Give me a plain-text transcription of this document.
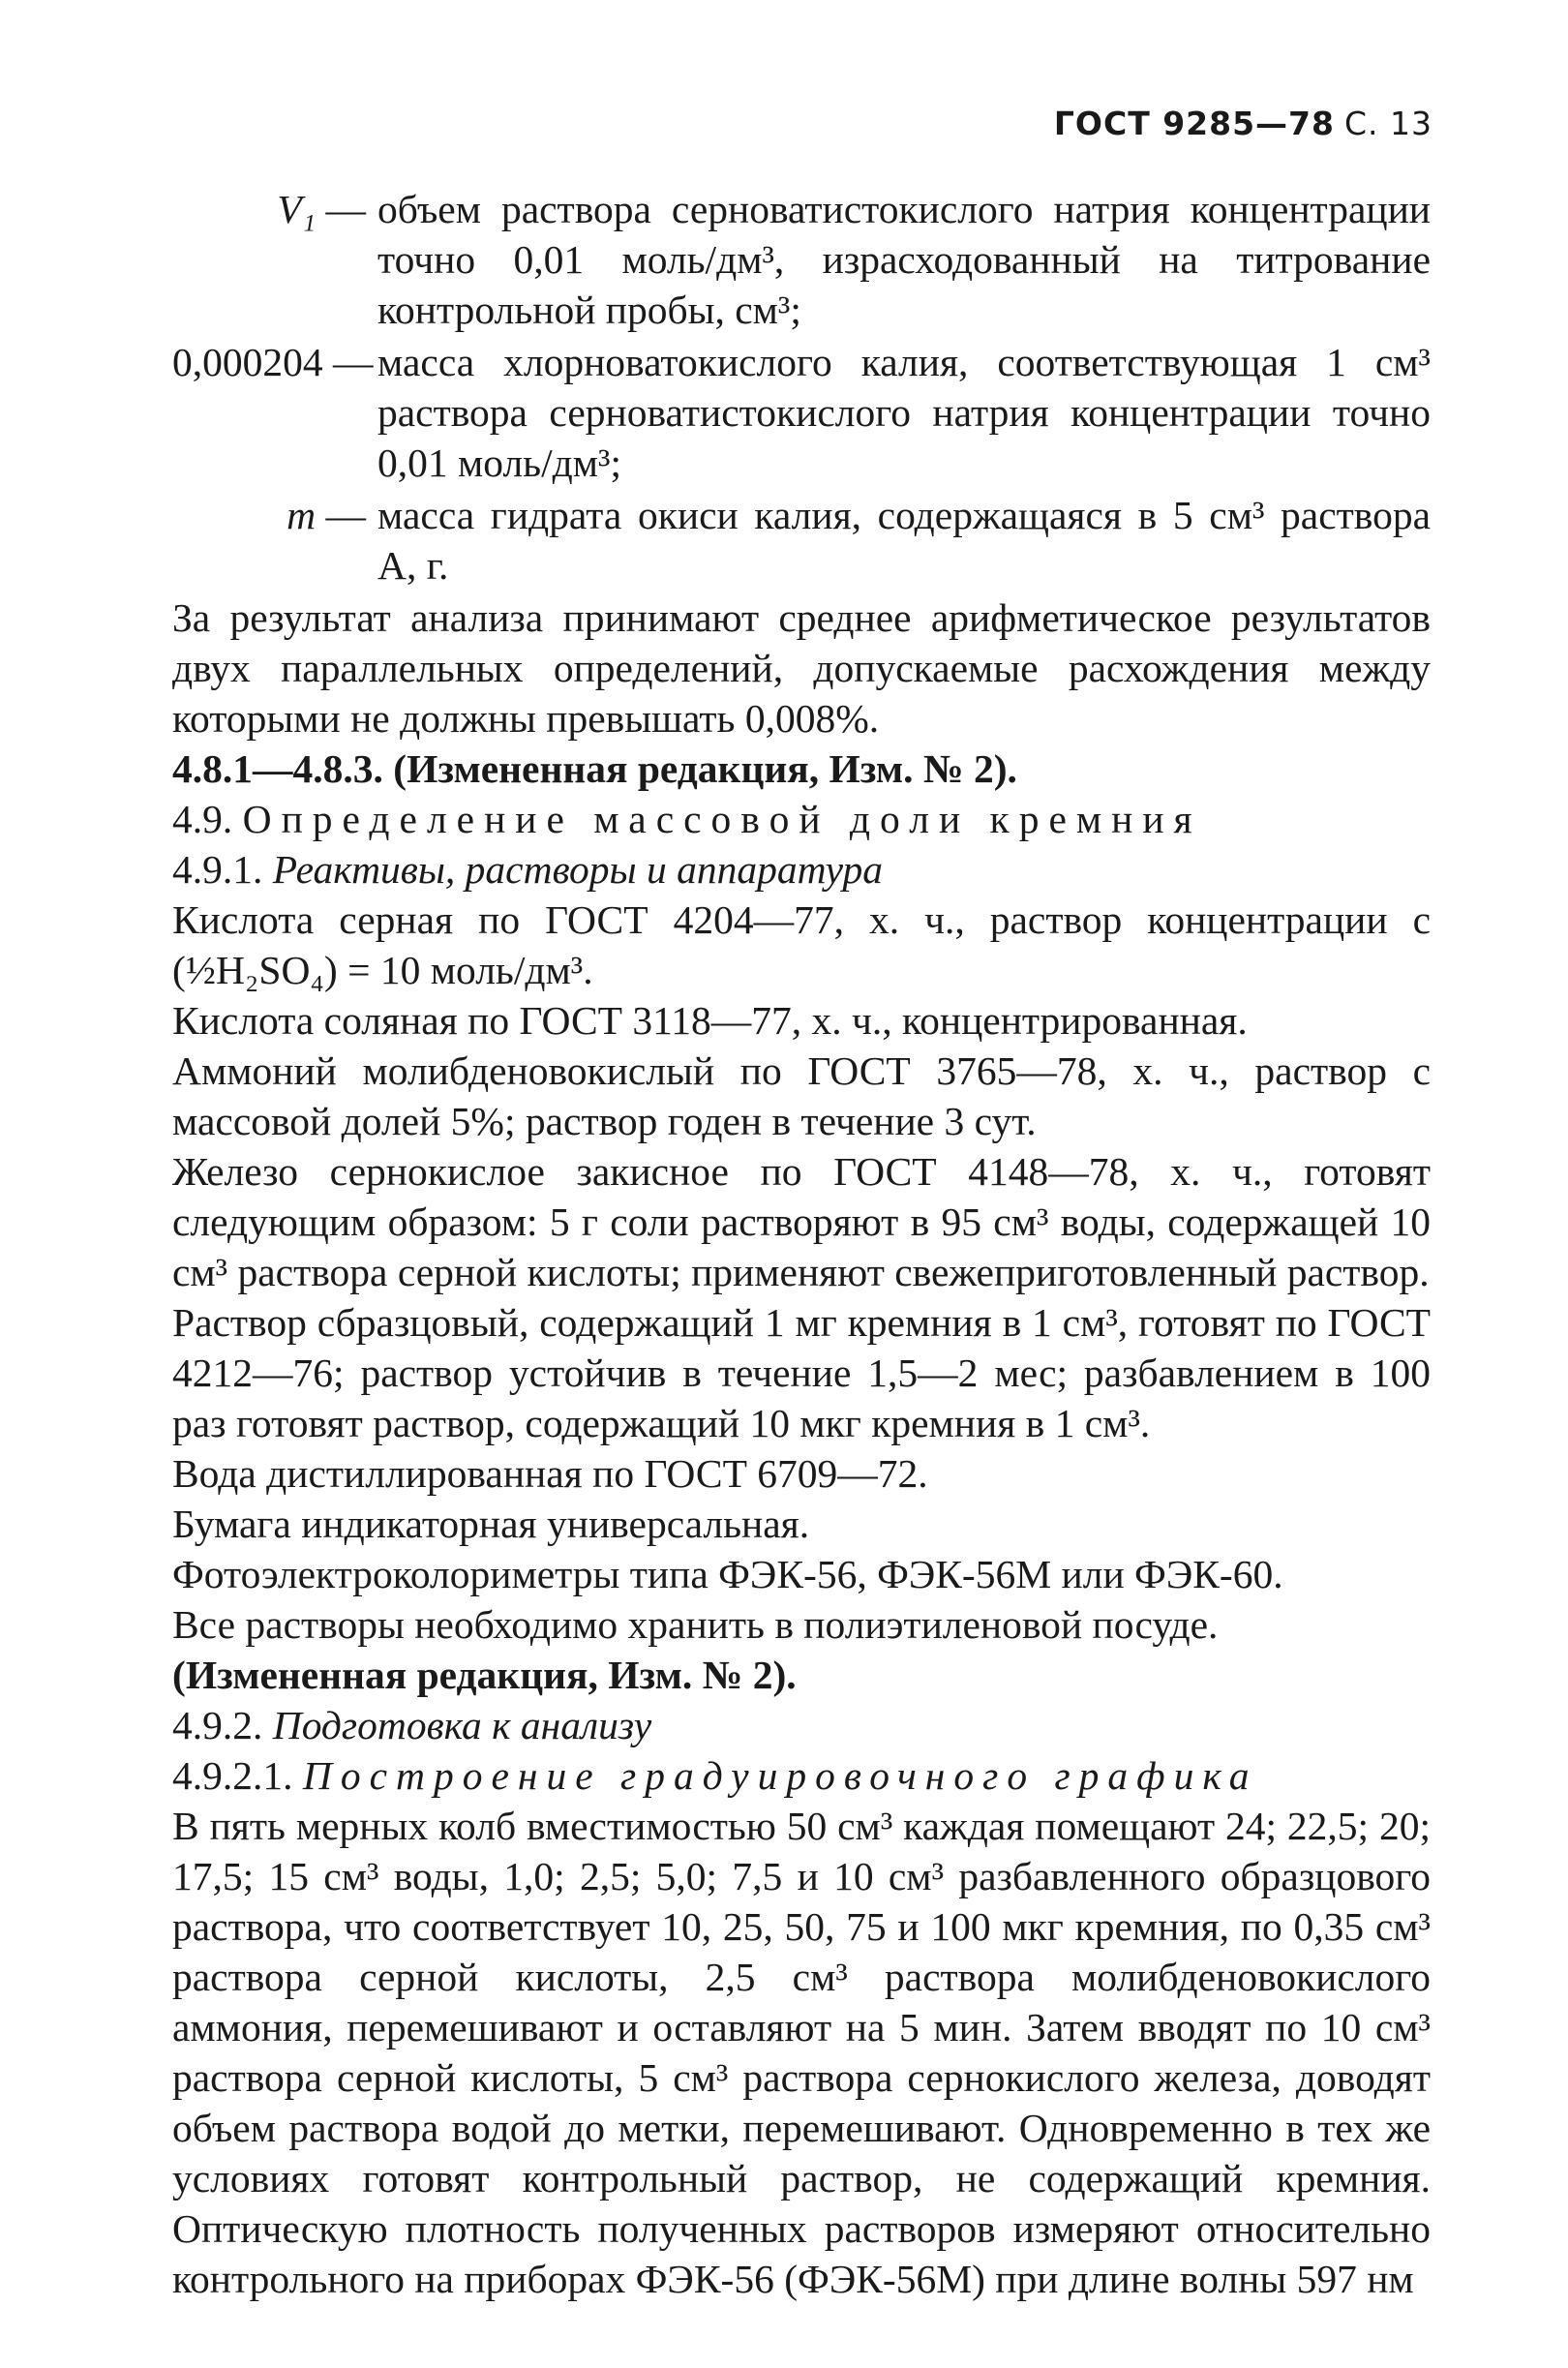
ГОСТ 9285—78 С. 13
V₁ — объем раствора серноватистокислого натрия концентрации точно 0,01 моль/дм³, израсходованный на титрование контрольной пробы, см³;

0,000204 — масса хлорноватокислого калия, соответствующая 1 см³ раствора серноватистокислого натрия концентрации точно 0,01 моль/дм³;

m — масса гидрата окиси калия, содержащаяся в 5 см³ раствора А, г.

За результат анализа принимают среднее арифметическое результатов двух параллельных определений, допускаемые расхождения между которыми не должны превышать 0,008%.

4.8.1—4.8.3. (Измененная редакция, Изм. № 2).

4.9. Определение массовой доли кремния

4.9.1. Реактивы, растворы и аппаратура

Кислота серная по ГОСТ 4204—77, х. ч., раствор концентрации c (½H₂SO₄) = 10 моль/дм³.

Кислота соляная по ГОСТ 3118—77, х. ч., концентрированная.

Аммоний молибденовокислый по ГОСТ 3765—78, х. ч., раствор с массовой долей 5%; раствор годен в течение 3 сут.

Железо сернокислое закисное по ГОСТ 4148—78, х. ч., готовят следующим образом: 5 г соли растворяют в 95 см³ воды, содержащей 10 см³ раствора серной кислоты; применяют свежеприготовленный раствор.

Раствор сбразцовый, содержащий 1 мг кремния в 1 см³, готовят по ГОСТ 4212—76; раствор устойчив в течение 1,5—2 мес; разбавлением в 100 раз готовят раствор, содержащий 10 мкг кремния в 1 см³.

Вода дистиллированная по ГОСТ 6709—72.

Бумага индикаторная универсальная.

Фотоэлектроколориметры типа ФЭК-56, ФЭК-56М или ФЭК-60.

Все растворы необходимо хранить в полиэтиленовой посуде.

(Измененная редакция, Изм. № 2).

4.9.2. Подготовка к анализу

4.9.2.1. Построение градуировочного графика

В пять мерных колб вместимостью 50 см³ каждая помещают 24; 22,5; 20; 17,5; 15 см³ воды, 1,0; 2,5; 5,0; 7,5 и 10 см³ разбавленного образцового раствора, что соответствует 10, 25, 50, 75 и 100 мкг кремния, по 0,35 см³ раствора серной кислоты, 2,5 см³ раствора молибденовокислого аммония, перемешивают и оставляют на 5 мин. Затем вводят по 10 см³ раствора серной кислоты, 5 см³ раствора сернокислого железа, доводят объем раствора водой до метки, перемешивают. Одновременно в тех же условиях готовят контрольный раствор, не содержащий кремния. Оптическую плотность полученных растворов измеряют относительно контрольного на приборах ФЭК-56 (ФЭК-56М) при длине волны 597 нм
